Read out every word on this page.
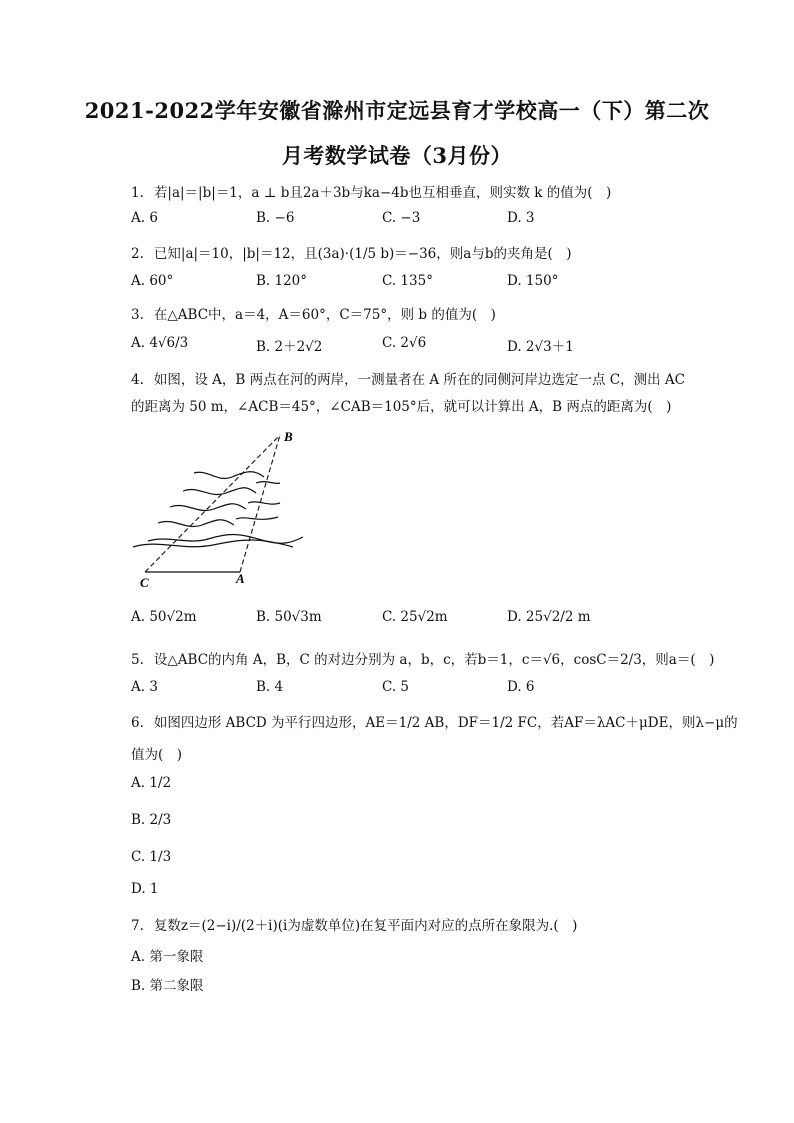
2021-2022学年安徽省滁州市定远县育才学校高一（下）第二次
月考数学试卷（3月份）
1. 若|a|＝|b|＝1，a ⊥ b且2a＋3b与ka−4b也互相垂直，则实数 k 的值为(　)
A. 6	B. −6	C. −3	D. 3
2. 已知|a|＝10，|b|＝12，且(3a)·(1/5 b)＝−36，则a与b的夹角是(　)
A. 60°	B. 120°	C. 135°	D. 150°
3. 在△ABC中，a＝4，A＝60°，C＝75°，则 b 的值为(　)
A. 4√6/3	B. 2＋2√2	C. 2√6	D. 2√3＋1
4. 如图，设 A，B 两点在河的两岸，一测量者在 A 所在的同侧河岸边选定一点 C，测出 AC
的距离为 50 m，∠ACB＝45°，∠CAB＝105°后，就可以计算出 A，B 两点的距离为(　)
B
C	A
A. 50√2m	B. 50√3m	C. 25√2m	D. 25√2/2 m
5. 设△ABC的内角 A，B，C 的对边分别为 a，b，c，若b＝1，c＝√6，cosC＝2/3，则a＝(　)
A. 3	B. 4	C. 5	D. 6
6. 如图四边形 ABCD 为平行四边形，AE＝1/2 AB，DF＝1/2 FC，若AF＝λAC＋μDE，则λ−μ的
值为(　)
A. 1/2
B. 2/3
C. 1/3
D. 1
7. 复数z＝(2−i)/(2＋i)(i为虚数单位)在复平面内对应的点所在象限为.(　)
A. 第一象限
B. 第二象限
